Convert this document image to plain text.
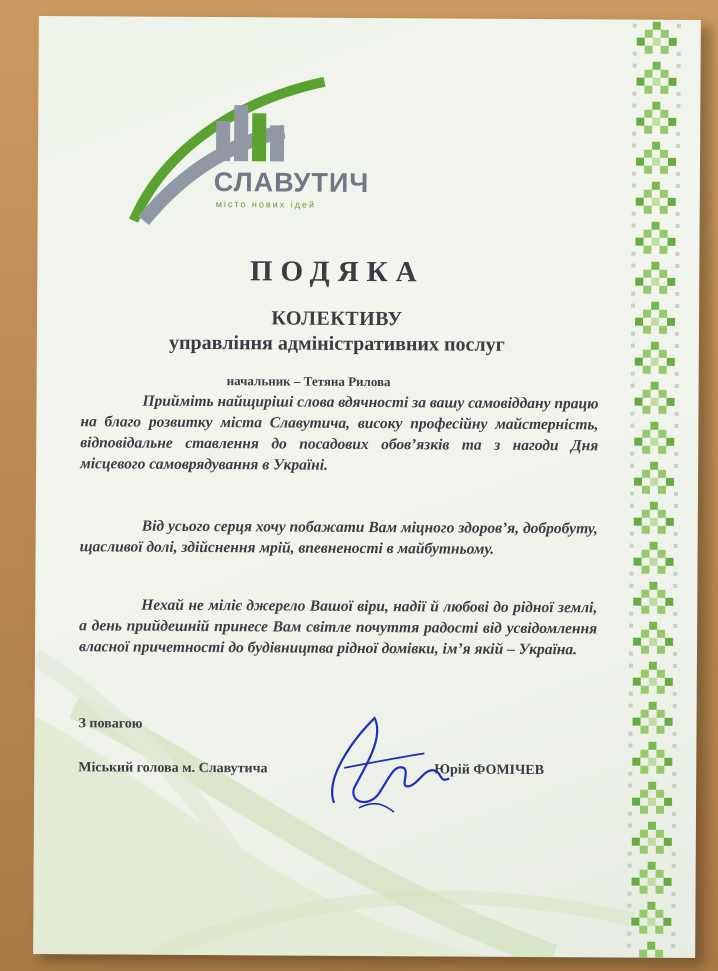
СЛАВУТИЧ
місто нових ідей
ПОДЯКА
КОЛЕКТИВУ
управління адміністративних послуг
начальник – Тетяна Рилова
Прийміть найщиріші слова вдячності за вашу самовіддану працю на благо розвитку міста Славутича, високу професійну майстерність, відповідальне ставлення до посадових обов’язків та з нагоди Дня місцевого самоврядування в Україні.
Від усього серця хочу побажати Вам міцного здоров’я, добробуту, щасливої долі, здійснення мрій, впевненості в майбутньому.
Нехай не міліє джерело Вашої віри, надії й любові до рідної землі, а день прийдешній принесе Вам світле почуття радості від усвідомлення власної причетності до будівництва рідної домівки, ім’я якій – Україна.
З повагою
Міський голова м. Славутича	Юрій ФОМІЧЕВ
